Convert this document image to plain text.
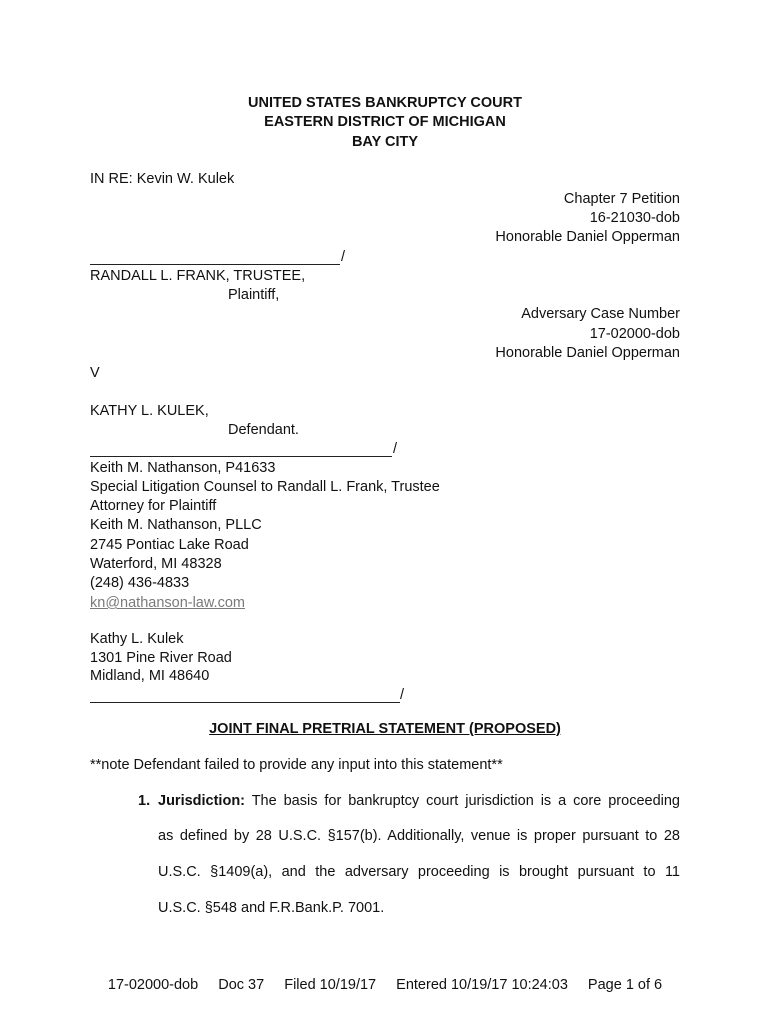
UNITED STATES BANKRUPTCY COURT
EASTERN DISTRICT OF MICHIGAN
BAY CITY
IN RE: Kevin W. Kulek
Chapter 7 Petition
16-21030-dob
Honorable Daniel Opperman
/
RANDALL L. FRANK, TRUSTEE,
Plaintiff,
Adversary Case Number
17-02000-dob
Honorable Daniel Opperman
V
KATHY L. KULEK,
Defendant.
/
Keith M. Nathanson, P41633
Special Litigation Counsel to Randall L. Frank, Trustee
Attorney for Plaintiff
Keith M. Nathanson, PLLC
2745 Pontiac Lake Road
Waterford, MI 48328
(248) 436-4833
kn@nathanson-law.com
Kathy L. Kulek
1301 Pine River Road
Midland, MI 48640
/
JOINT FINAL PRETRIAL STATEMENT (PROPOSED)
**note Defendant failed to provide any input into this statement**
1. Jurisdiction: The basis for bankruptcy court jurisdiction is a core proceeding
as defined by 28 U.S.C. §157(b). Additionally, venue is proper pursuant to 28
U.S.C. §1409(a), and the adversary proceeding is brought pursuant to 11
U.S.C. §548 and F.R.Bank.P. 7001.
17-02000-dob Doc 37 Filed 10/19/17 Entered 10/19/17 10:24:03 Page 1 of 6
